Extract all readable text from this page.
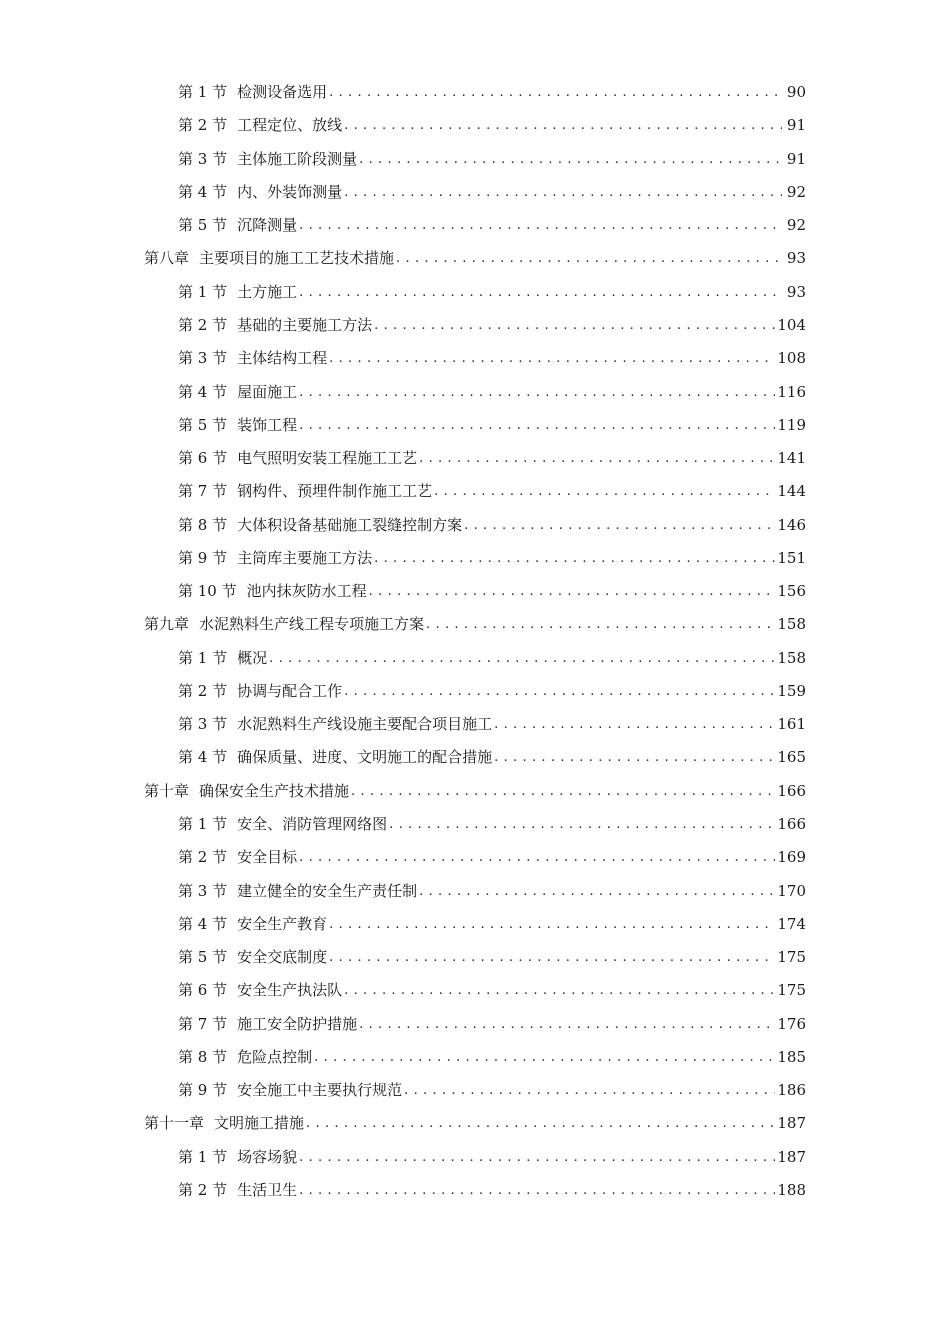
第 1 节 检测设备选用 . . .	90
第 2 节 工程定位、放线 . . .	91
第 3 节 主体施工阶段测量 . . .	91
第 4 节 内、外装饰测量 . . .	92
第 5 节 沉降测量 . . .	92
第八章 主要项目的施工工艺技术措施 . . .	93
第 1 节 土方施工 . . .	93
第 2 节 基础的主要施工方法 . . .	104
第 3 节 主体结构工程 . . .	108
第 4 节 屋面施工 . . .	116
第 5 节 装饰工程 . . .	119
第 6 节 电气照明安装工程施工工艺 . . .	141
第 7 节 钢构件、预埋件制作施工工艺 . . .	144
第 8 节 大体积设备基础施工裂缝控制方案 . . .	146
第 9 节 主筒库主要施工方法 . . .	151
第 10 节 池内抹灰防水工程 . . .	156
第九章 水泥熟料生产线工程专项施工方案 . . .	158
第 1 节 概况 . . .	158
第 2 节 协调与配合工作 . . .	159
第 3 节 水泥熟料生产线设施主要配合项目施工 . . .	161
第 4 节 确保质量、进度、文明施工的配合措施 . . .	165
第十章 确保安全生产技术措施 . . .	166
第 1 节 安全、消防管理网络图 . . .	166
第 2 节 安全目标 . . .	169
第 3 节 建立健全的安全生产责任制 . . .	170
第 4 节 安全生产教育 . . .	174
第 5 节 安全交底制度 . . .	175
第 6 节 安全生产执法队 . . .	175
第 7 节 施工安全防护措施 . . .	176
第 8 节 危险点控制 . . .	185
第 9 节 安全施工中主要执行规范 . . .	186
第十一章 文明施工措施 . . .	187
第 1 节 场容场貌 . . .	187
第 2 节 生活卫生 . . .	188
